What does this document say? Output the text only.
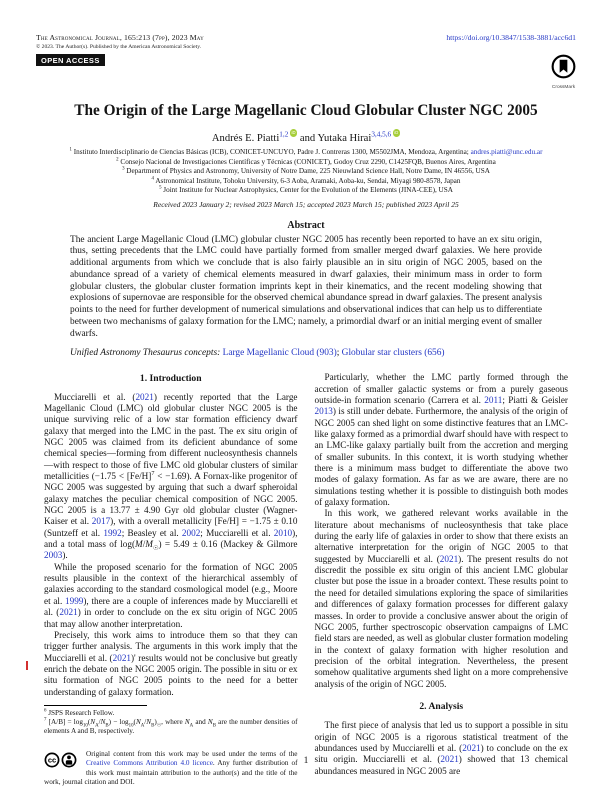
The Astronomical Journal, 165:213 (7pp), 2023 May
© 2023. The Author(s). Published by the American Astronomical Society.
OPEN ACCESS
https://doi.org/10.3847/1538-3881/acc6d1
CrossMark
The Origin of the Large Magellanic Cloud Globular Cluster NGC 2005
Andrés E. Piatti$^{1,2}$ iD and Yutaka Hirai$^{3,4,5,6}$ iD
$^1$ Instituto Interdisciplinario de Ciencias Básicas (ICB), CONICET-UNCUYO, Padre J. Contreras 1300, M5502JMA, Mendoza, Argentina; andres.piatti@unc.edu.ar
$^2$ Consejo Nacional de Investigaciones Científicas y Técnicas (CONICET), Godoy Cruz 2290, C1425FQB, Buenos Aires, Argentina
$^3$ Department of Physics and Astronomy, University of Notre Dame, 225 Nieuwland Science Hall, Notre Dame, IN 46556, USA
$^4$ Astronomical Institute, Tohoku University, 6-3 Aoba, Aramaki, Aoba-ku, Sendai, Miyagi 980-8578, Japan
$^5$ Joint Institute for Nuclear Astrophysics, Center for the Evolution of the Elements (JINA-CEE), USA
Received 2023 January 2; revised 2023 March 15; accepted 2023 March 15; published 2023 April 25
Abstract
The ancient Large Magellanic Cloud (LMC) globular cluster NGC 2005 has recently been reported to have an ex situ origin, thus, setting precedents that the LMC could have partially formed from smaller merged dwarf galaxies. We here provide additional arguments from which we conclude that is also fairly plausible an in situ origin of NGC 2005, based on the abundance spread of a variety of chemical elements measured in dwarf galaxies, their minimum mass in order to form globular clusters, the globular cluster formation imprints kept in their kinematics, and the recent modeling showing that explosions of supernovae are responsible for the observed chemical abundance spread in dwarf galaxies. The present analysis points to the need for further development of numerical simulations and observational indices that can help us to differentiate between two mechanisms of galaxy formation for the LMC; namely, a primordial dwarf or an initial merging event of smaller dwarfs.
Unified Astronomy Thesaurus concepts: Large Magellanic Cloud (903); Globular star clusters (656)
1. Introduction

Mucciarelli et al. (2021) recently reported that the Large Magellanic Cloud (LMC) old globular cluster NGC 2005 is the unique surviving relic of a low star formation efficiency dwarf galaxy that merged into the LMC in the past. The ex situ origin of NGC 2005 was claimed from its deficient abundance of some chemical species—forming from different nucleosynthesis channels—with respect to those of five LMC old globular clusters of similar metallicities $(-1.75 < [Fe/H]^7 < -1.69)$. A Fornax-like progenitor of NGC 2005 was suggested by arguing that such a dwarf spheroidal galaxy matches the peculiar chemical composition of NGC 2005. NGC 2005 is a 13.77 ± 4.90 Gyr old globular cluster (Wagner-Kaiser et al. 2017), with a overall metallicity [Fe/H] = −1.75 ± 0.10 (Suntzeff et al. 1992; Beasley et al. 2002; Mucciarelli et al. 2010), and a total mass of $\log(M/M_☉) = 5.49 \pm 0.16$ (Mackey & Gilmore 2003).

While the proposed scenario for the formation of NGC 2005 results plausible in the context of the hierarchical assembly of galaxies according to the standard cosmological model (e.g., Moore et al. 1999), there are a couple of inferences made by Mucciarelli et al. (2021) in order to conclude on the ex situ origin of NGC 2005 that may allow another interpretation.

Precisely, this work aims to introduce them so that they can trigger further analysis. The arguments in this work imply that the Mucciarelli et al. (2021)' results would not be conclusive but greatly enrich the debate on the NGC 2005 origin. The possible in situ or ex situ formation of NGC 2005 points to the need for a better understanding of galaxy formation.

$^6$ JSPS Research Fellow.

$^7$ $[A/B] = \log_{10}(N_A/N_B) - \log_{10}(N_A/N_B)_☉$, where $N_A$ and $N_B$ are the number densities of elements A and B, respectively.

cc
Original content from this work may be used under the terms of the Creative Commons Attribution 4.0 licence. Any further distribution of this work must maintain attribution to the author(s) and the title of the work, journal citation and DOI.

Particularly, whether the LMC partly formed through the accretion of smaller galactic systems or from a purely gaseous outside-in formation scenario (Carrera et al. 2011; Piatti & Geisler 2013) is still under debate. Furthermore, the analysis of the origin of NGC 2005 can shed light on some distinctive features that an LMC-like galaxy formed as a primordial dwarf should have with respect to an LMC-like galaxy partially built from the accretion and merging of smaller subunits. In this context, it is worth studying whether there is a minimum mass budget to differentiate the above two modes of galaxy formation. As far as we are aware, there are no simulations testing whether it is possible to distinguish both modes of galaxy formation.

In this work, we gathered relevant works available in the literature about mechanisms of nucleosynthesis that take place during the early life of galaxies in order to show that there exists an alternative interpretation for the origin of NGC 2005 to that suggested by Mucciarelli et al. (2021). The present results do not discredit the possible ex situ origin of this ancient LMC globular cluster but pose the issue in a broader context. These results point to the need for detailed simulations exploring the space of similarities and differences of galaxy formation processes for different galaxy masses. In order to provide a conclusive answer about the origin of NGC 2005, further spectroscopic observation campaigns of LMC field stars are needed, as well as globular cluster formation modeling in the context of galaxy formation with higher resolution and precision of the orbital integration. Nevertheless, the present somehow qualitative arguments shed light on a more comprehensive analysis of the origin of NGC 2005.

2. Analysis

The first piece of analysis that led us to support a possible in situ origin of NGC 2005 is a rigorous statistical treatment of the abundances used by Mucciarelli et al. (2021) to conclude on the ex situ origin. Mucciarelli et al. (2021) showed that 13 chemical abundances measured in NGC 2005 are

1
